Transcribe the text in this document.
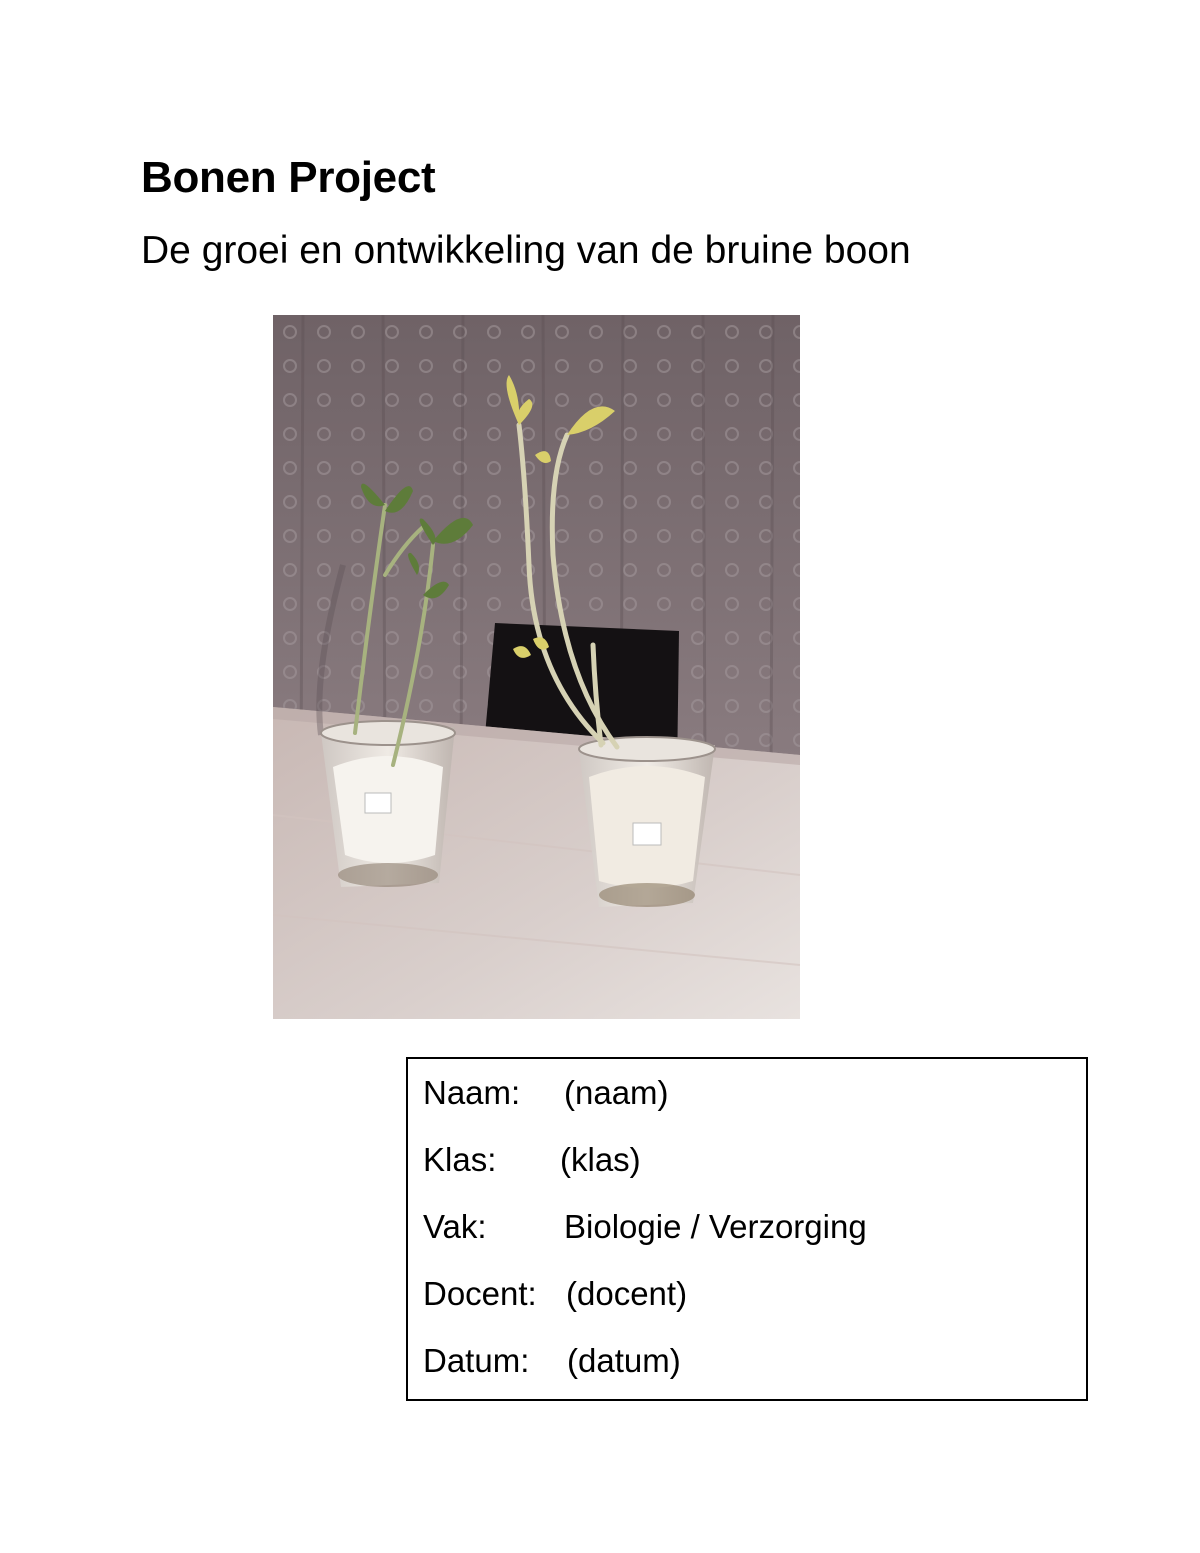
Bonen Project
De groei en ontwikkeling van de bruine boon
Naam: (naam)
Klas: (klas)
Vak: Biologie / Verzorging
Docent: (docent)
Datum: (datum)
